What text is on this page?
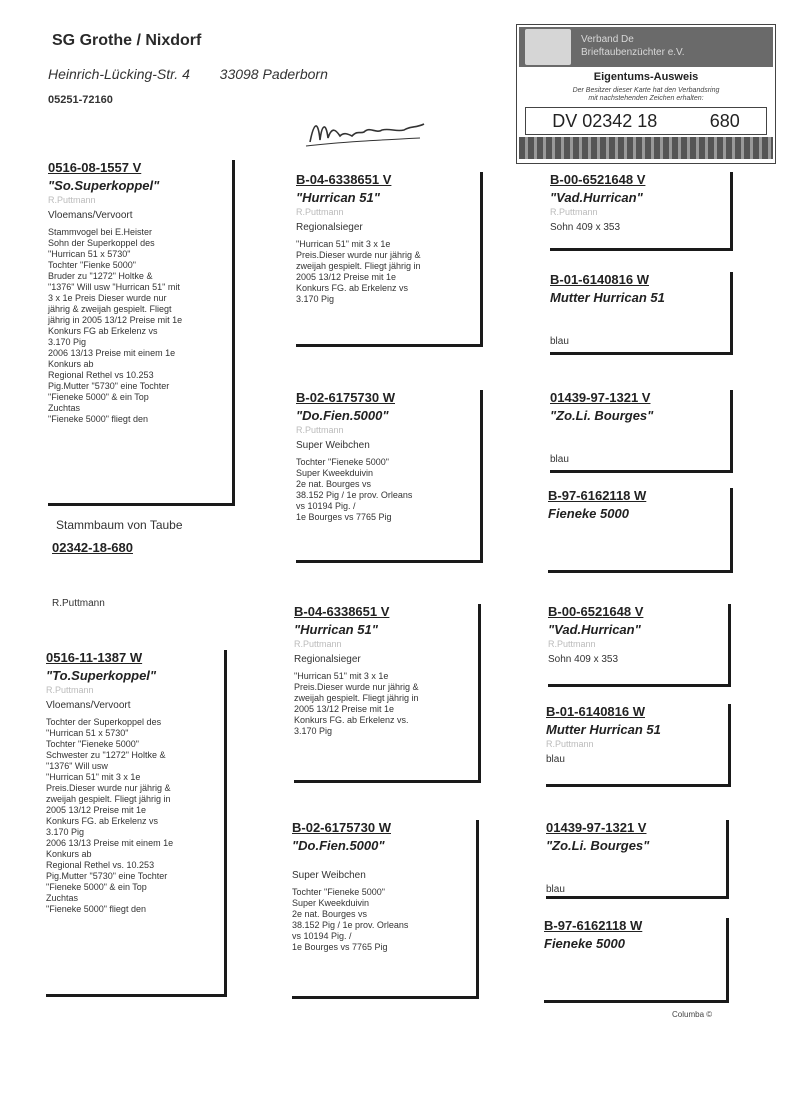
SG Grothe / Nixdorf
Heinrich-Lücking-Str. 4 33098 Paderborn
05251-72160
Verband De
Brieftaubenzüchter e.V.
Eigentums-Ausweis
Der Besitzer dieser Karte hat den Verbandsring
mit nachstehenden Zeichen erhalten:
DV 02342 18	680
0516-08-1557 V
"So.Superkoppel"
R.Puttmann
Vloemans/Vervoort
Stammvogel bei E.Heister
Sohn der Superkoppel des
"Hurrican 51 x 5730"
Tochter "Fienke 5000"
Bruder zu "1272" Holtke &
"1376" Will usw "Hurrican 51" mit
3 x 1e Preis Dieser wurde nur
jährig & zweijah gespielt. Fliegt
jährig in 2005 13/12 Preise mit 1e
Konkurs FG ab Erkelenz vs
3.170 Pig
2006 13/13 Preise mit einem 1e
Konkurs ab
Regional Rethel vs 10.253
Pig.Mutter "5730" eine Tochter
"Fieneke 5000" & ein Top
Zuchtas
"Fieneke 5000" fliegt den
Stammbaum von Taube
02342-18-680
R.Puttmann
0516-11-1387 W
"To.Superkoppel"
R.Puttmann
Vloemans/Vervoort
Tochter der Superkoppel des
"Hurrican 51 x 5730"
Tochter "Fieneke 5000"
Schwester zu "1272" Holtke &
"1376" Will usw
"Hurrican 51" mit 3 x 1e
Preis.Dieser wurde nur jährig &
zweijah gespielt. Fliegt jährig in
2005 13/12 Preise mit 1e
Konkurs FG. ab Erkelenz vs
3.170 Pig
2006 13/13 Preise mit einem 1e
Konkurs ab
Regional Rethel vs. 10.253
Pig.Mutter "5730" eine Tochter
"Fieneke 5000" & ein Top
Zuchtas
"Fieneke 5000" fliegt den
B-04-6338651 V
"Hurrican 51"
R.Puttmann
Regionalsieger
"Hurrican 51" mit 3 x 1e
Preis.Dieser wurde nur jährig &
zweijah gespielt. Fliegt jährig in
2005 13/12 Preise mit 1e
Konkurs FG. ab Erkelenz vs
3.170 Pig
B-02-6175730 W
"Do.Fien.5000"
R.Puttmann
Super Weibchen
Tochter "Fieneke 5000"
Super Kweekduivin
2e nat. Bourges vs
38.152 Pig / 1e prov. Orleans
vs 10194 Pig. /
1e Bourges vs 7765 Pig
B-04-6338651 V
"Hurrican 51"
R.Puttmann
Regionalsieger
"Hurrican 51" mit 3 x 1e
Preis.Dieser wurde nur jährig &
zweijah gespielt. Fliegt jährig in
2005 13/12 Preise mit 1e
Konkurs FG. ab Erkelenz vs.
3.170 Pig
B-02-6175730 W
"Do.Fien.5000"
Super Weibchen
Tochter "Fieneke 5000"
Super Kweekduivin
2e nat. Bourges vs
38.152 Pig / 1e prov. Orleans
vs 10194 Pig. /
1e Bourges vs 7765 Pig
B-00-6521648 V
"Vad.Hurrican"
R.Puttmann
Sohn 409 x 353
B-01-6140816 W
Mutter Hurrican 51
blau
01439-97-1321 V
"Zo.Li. Bourges"
blau
B-97-6162118 W
Fieneke 5000
B-00-6521648 V
"Vad.Hurrican"
R.Puttmann
Sohn 409 x 353
B-01-6140816 W
Mutter Hurrican 51
R.Puttmann
blau
01439-97-1321 V
"Zo.Li. Bourges"
blau
B-97-6162118 W
Fieneke 5000
Columba ©
